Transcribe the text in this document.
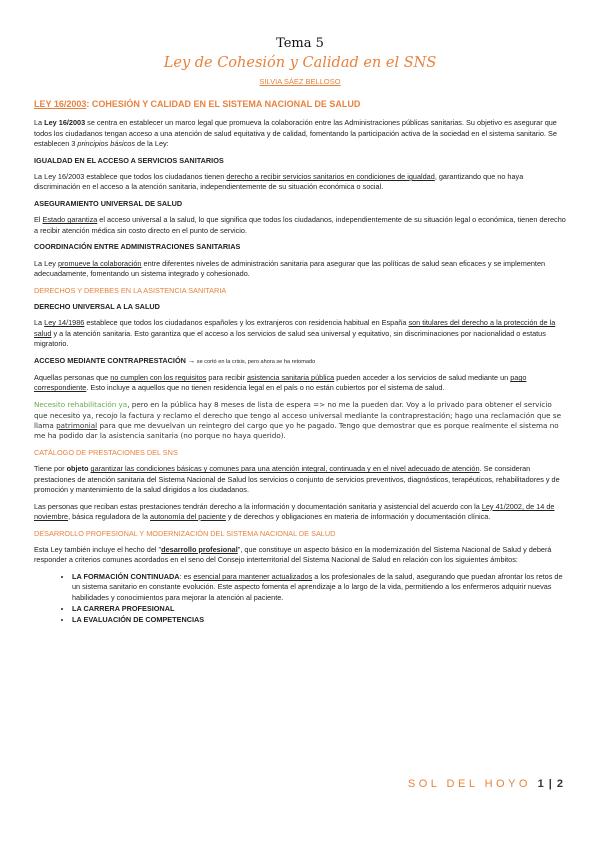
Tema 5
Ley de Cohesión y Calidad en el SNS
SILVIA SÁEZ BELLOSO
LEY 16/2003: COHESIÓN Y CALIDAD EN EL SISTEMA NACIONAL DE SALUD

La Ley 16/2003 se centra en establecer un marco legal que promueva la colaboración entre las Administraciones públicas sanitarias. Su objetivo es asegurar que todos los ciudadanos tengan acceso a una atención de salud equitativa y de calidad, fomentando la participación activa de la sociedad en el sistema sanitario. Se establecen 3 principios básicos de la Ley:

IGUALDAD EN EL ACCESO A SERVICIOS SANITARIOS

La Ley 16/2003 establece que todos los ciudadanos tienen derecho a recibir servicios sanitarios en condiciones de igualdad, garantizando que no haya discriminación en el acceso a la atención sanitaria, independientemente de su situación económica o social.

ASEGURAMIENTO UNIVERSAL DE SALUD

El Estado garantiza el acceso universal a la salud, lo que significa que todos los ciudadanos, independientemente de su situación legal o económica, tienen derecho a recibir atención médica sin costo directo en el punto de servicio.

COORDINACIÓN ENTRE ADMINISTRACIONES SANITARIAS

La Ley promueve la colaboración entre diferentes niveles de administración sanitaria para asegurar que las políticas de salud sean eficaces y se implementen adecuadamente, fomentando un sistema integrado y cohesionado.

DERECHOS Y DEREBES EN LA ASISTENCIA SANITARIA
DERECHO UNIVERSAL A LA SALUD

La Ley 14/1986 establece que todos los ciudadanos españoles y los extranjeros con residencia habitual en España son titulares del derecho a la protección de la salud y a la atención sanitaria. Esto garantiza que el acceso a los servicios de salud sea universal y equitativo, sin discriminaciones por nacionalidad o estatus migratorio.

ACCESO MEDIANTE CONTRAPRESTACIÓN → se cortó en la crisis, pero ahora se ha retomado

Aquellas personas que no cumplen con los requisitos para recibir asistencia sanitaria pública pueden acceder a los servicios de salud mediante un pago correspondiente. Esto incluye a aquellos que no tienen residencia legal en el país o no están cubiertos por el sistema de salud.

Necesito rehabilitación ya, pero en la pública hay 8 meses de lista de espera => no me la pueden dar. Voy a lo privado para obtener el servicio que necesito ya, recojo la factura y reclamo el derecho que tengo al acceso universal mediante la contraprestación; hago una reclamación que se llama patrimonial para que me devuelvan un reintegro del cargo que yo he pagado. Tengo que demostrar que es porque realmente el sistema no me ha podido dar la asistencia sanitaria (no porque no haya querido).

CATÁLOGO DE PRESTACIONES DEL SNS

Tiene por objeto garantizar las condiciones básicas y comunes para una atención integral, continuada y en el nivel adecuado de atención. Se consideran prestaciones de atención sanitaria del Sistema Nacional de Salud los servicios o conjunto de servicios preventivos, diagnósticos, terapéuticos, rehabilitadores y de promoción y mantenimiento de la salud dirigidos a los ciudadanos.

Las personas que reciban estas prestaciones tendrán derecho a la información y documentación sanitaria y asistencial del acuerdo con la Ley 41/2002, de 14 de noviembre, básica reguladora de la autonomía del paciente y de derechos y obligaciones en materia de información y documentación clínica.

DESARROLLO PROFESIONAL Y MODERNIZACIÓN DEL SISTEMA NACIONAL DE SALUD

Esta Ley también incluye el hecho del "desarrollo profesional", que constituye un aspecto básico en la modernización del Sistema Nacional de Salud y deberá responder a criterios comunes acordados en el seno del Consejo interterritorial del Sistema Nacional de Salud en relación con los siguientes ámbitos:

• LA FORMACIÓN CONTINUADA: es esencial para mantener actualizados a los profesionales de la salud, asegurando que puedan afrontar los retos de un sistema sanitario en constante evolución. Este aspecto fomenta el aprendizaje a lo largo de la vida, permitiendo a los enfermeros adquirir nuevas habilidades y conocimientos para mejorar la atención al paciente.
• LA CARRERA PROFESIONAL
• LA EVALUACIÓN DE COMPETENCIAS
SOL DEL HOYO 1 | 2
